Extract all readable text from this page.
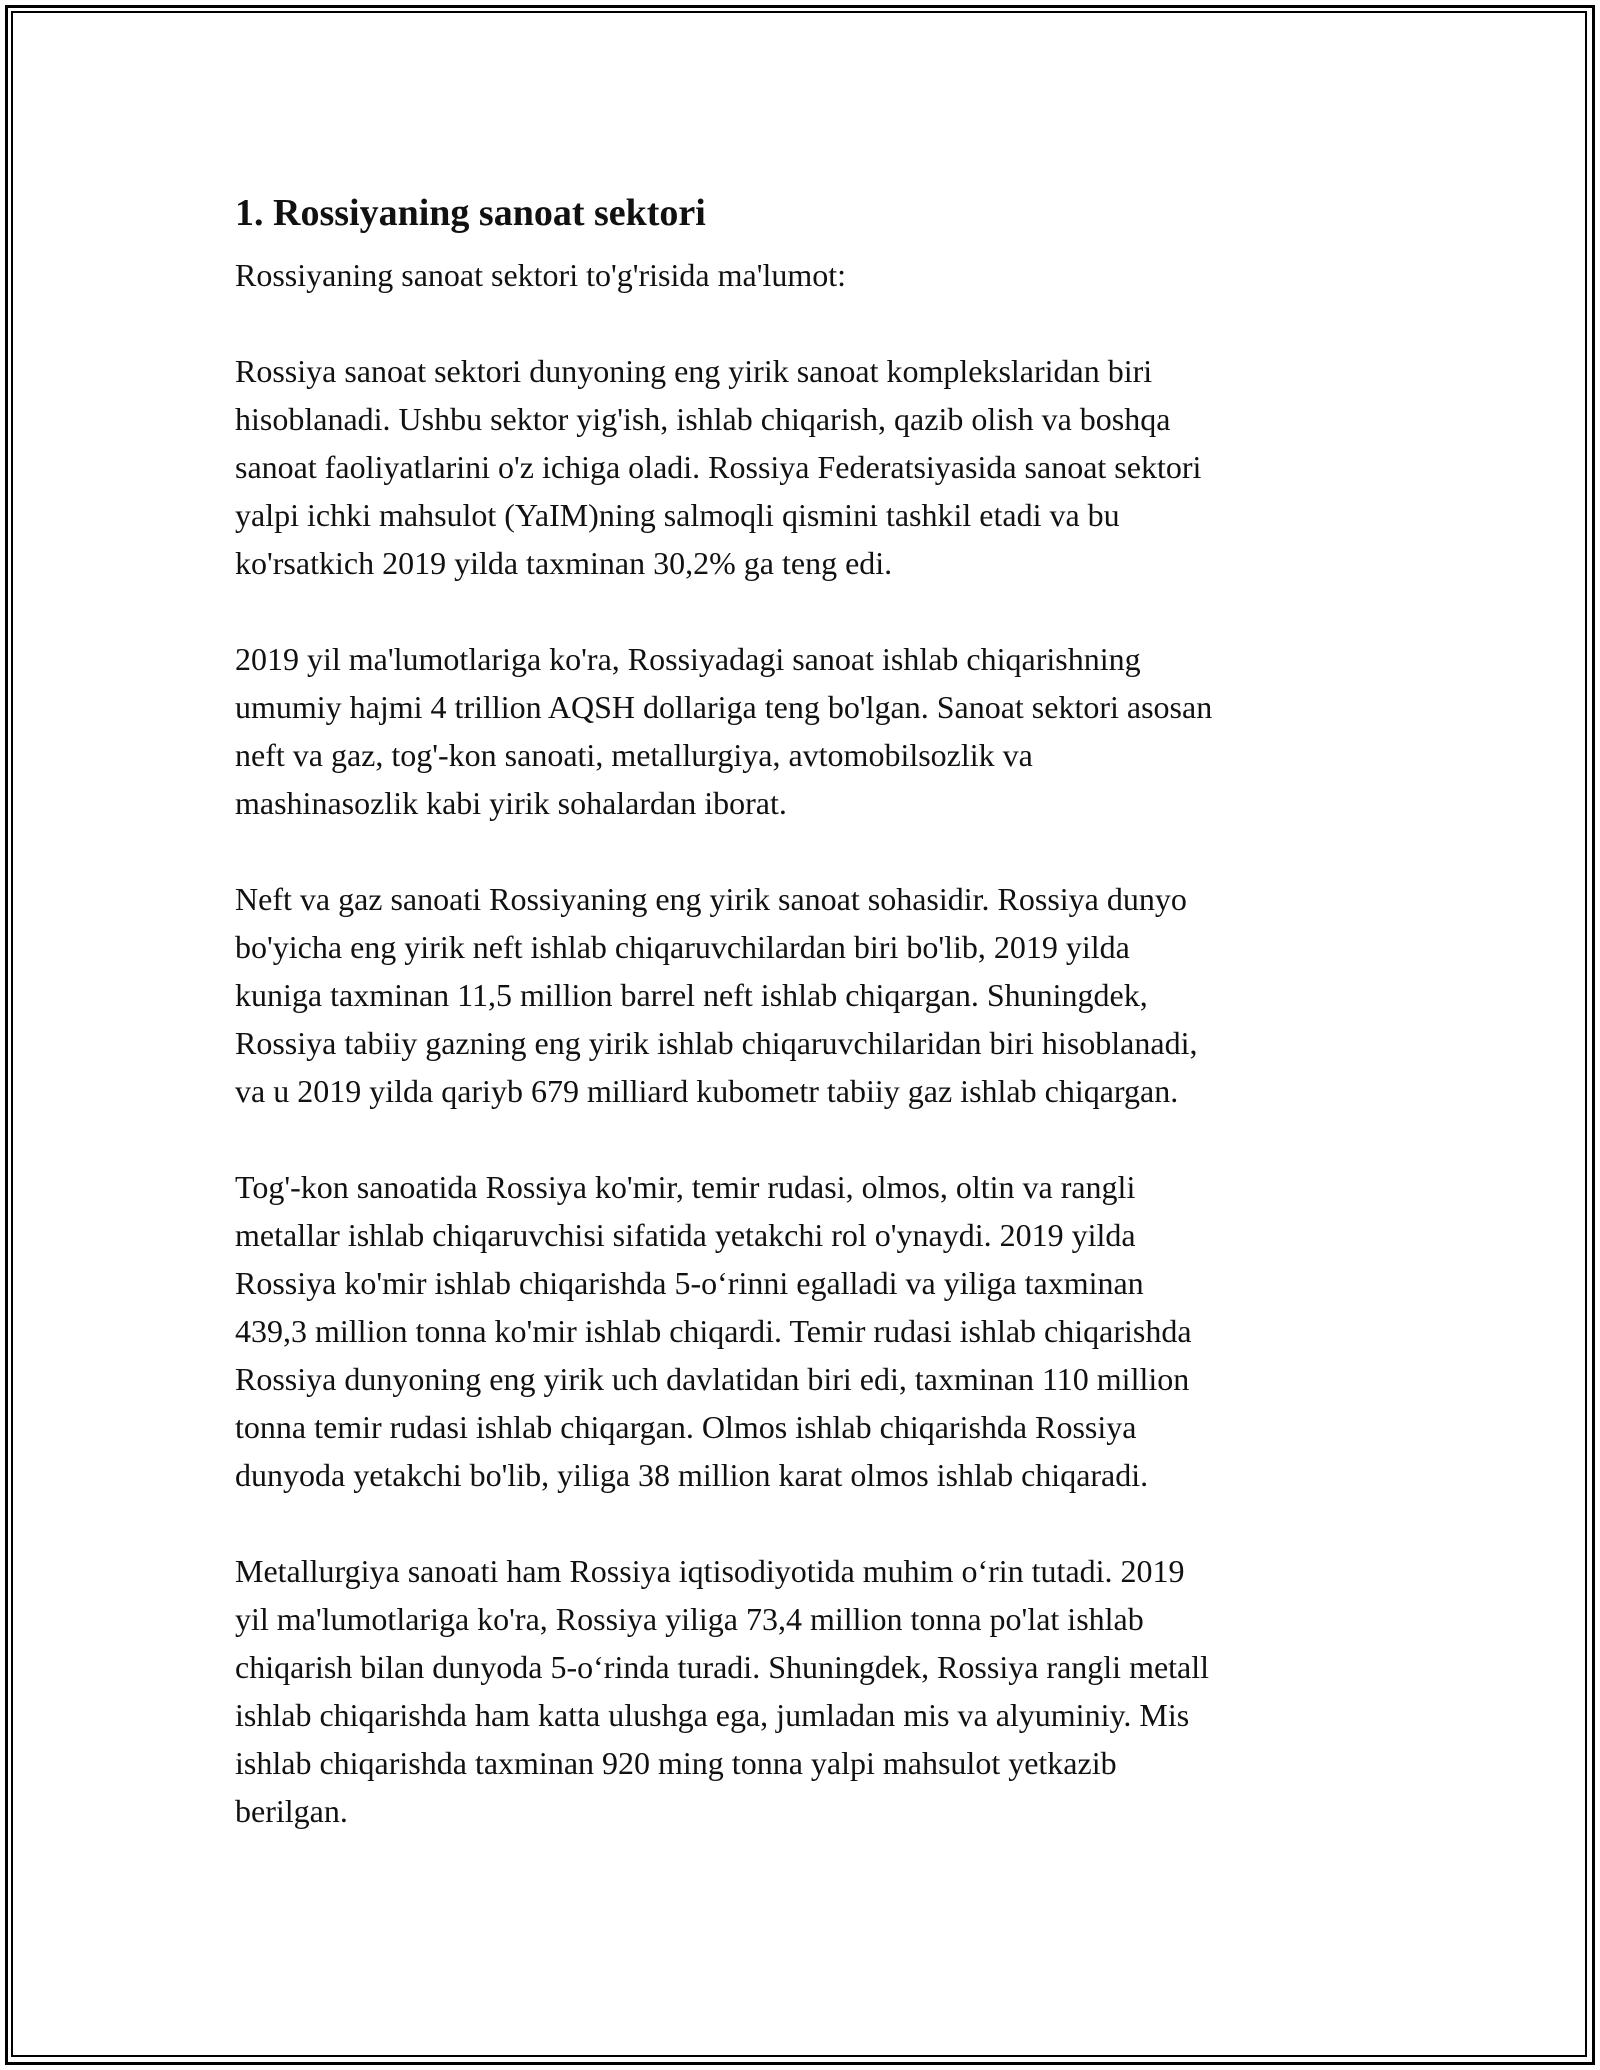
1. Rossiyaning sanoat sektori

Rossiyaning sanoat sektori to'g'risida ma'lumot:

Rossiya sanoat sektori dunyoning eng yirik sanoat komplekslaridan biri
hisoblanadi. Ushbu sektor yig'ish, ishlab chiqarish, qazib olish va boshqa
sanoat faoliyatlarini o'z ichiga oladi. Rossiya Federatsiyasida sanoat sektori
yalpi ichki mahsulot (YaIM)ning salmoqli qismini tashkil etadi va bu
ko'rsatkich 2019 yilda taxminan 30,2% ga teng edi.
2019 yil ma'lumotlariga ko'ra, Rossiyadagi sanoat ishlab chiqarishning
umumiy hajmi 4 trillion AQSH dollariga teng bo'lgan. Sanoat sektori asosan
neft va gaz, tog'-kon sanoati, metallurgiya, avtomobilsozlik va
mashinasozlik kabi yirik sohalardan iborat.
Neft va gaz sanoati Rossiyaning eng yirik sanoat sohasidir. Rossiya dunyo
bo'yicha eng yirik neft ishlab chiqaruvchilardan biri bo'lib, 2019 yilda
kuniga taxminan 11,5 million barrel neft ishlab chiqargan. Shuningdek,
Rossiya tabiiy gazning eng yirik ishlab chiqaruvchilaridan biri hisoblanadi,
va u 2019 yilda qariyb 679 milliard kubometr tabiiy gaz ishlab chiqargan.
Tog'-kon sanoatida Rossiya ko'mir, temir rudasi, olmos, oltin va rangli
metallar ishlab chiqaruvchisi sifatida yetakchi rol o'ynaydi. 2019 yilda
Rossiya ko'mir ishlab chiqarishda 5-o‘rinni egalladi va yiliga taxminan
439,3 million tonna ko'mir ishlab chiqardi. Temir rudasi ishlab chiqarishda
Rossiya dunyoning eng yirik uch davlatidan biri edi, taxminan 110 million
tonna temir rudasi ishlab chiqargan. Olmos ishlab chiqarishda Rossiya
dunyoda yetakchi bo'lib, yiliga 38 million karat olmos ishlab chiqaradi.
Metallurgiya sanoati ham Rossiya iqtisodiyotida muhim o‘rin tutadi. 2019
yil ma'lumotlariga ko'ra, Rossiya yiliga 73,4 million tonna po'lat ishlab
chiqarish bilan dunyoda 5-o‘rinda turadi. Shuningdek, Rossiya rangli metall
ishlab chiqarishda ham katta ulushga ega, jumladan mis va alyuminiy. Mis
ishlab chiqarishda taxminan 920 ming tonna yalpi mahsulot yetkazib
berilgan.
